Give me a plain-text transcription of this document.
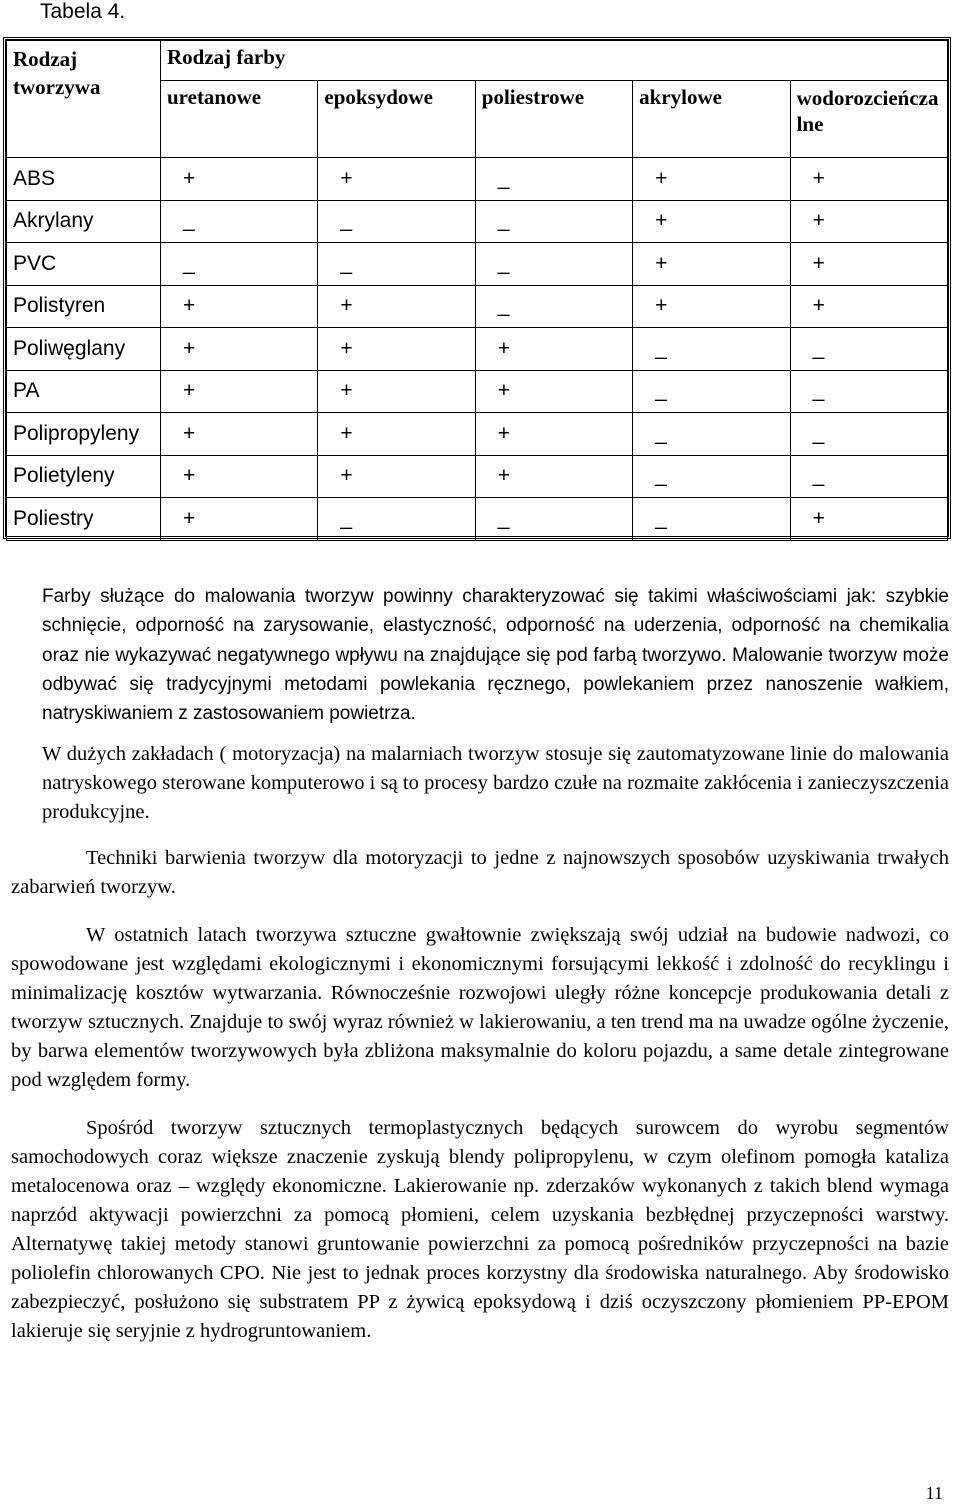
Tabela 4.
Rodzaj tworzywa	Rodzaj farby				
	uretanowe	epoksydowe	poliestrowe	akrylowe	wodorozcieńczalne
ABS	+	+	_	+	+
Akrylany	_	_	_	+	+
PVC	_	_	_	+	+
Polistyren	+	+	_	+	+
Poliwęglany	+	+	+	_	_
PA	+	+	+	_	_
Polipropyleny	+	+	+	_	_
Polietyleny	+	+	+	_	_
Poliestry	+	_	_	_	+

Farby służące do malowania tworzyw powinny charakteryzować się takimi właściwościami jak: szybkie schnięcie, odporność na zarysowanie, elastyczność, odporność na uderzenia, odporność na chemikalia oraz nie wykazywać negatywnego wpływu na znajdujące się pod farbą tworzywo. Malowanie tworzyw może odbywać się tradycyjnymi metodami powlekania ręcznego, powlekaniem przez nanoszenie wałkiem, natryskiwaniem z zastosowaniem powietrza.

W dużych zakładach ( motoryzacja) na malarniach tworzyw stosuje się zautomatyzowane linie do malowania natryskowego sterowane komputerowo i są to procesy bardzo czułe na rozmaite zakłócenia i zanieczyszczenia produkcyjne.

Techniki barwienia tworzyw dla motoryzacji to jedne z najnowszych sposobów uzyskiwania trwałych zabarwień tworzyw.

W ostatnich latach tworzywa sztuczne gwałtownie zwiększają swój udział na budowie nadwozi, co spowodowane jest względami ekologicznymi i ekonomicznymi forsującymi lekkość i zdolność do recyklingu i minimalizację kosztów wytwarzania. Równocześnie rozwojowi uległy różne koncepcje produkowania detali z tworzyw sztucznych. Znajduje to swój wyraz również w lakierowaniu, a ten trend ma na uwadze ogólne życzenie, by barwa elementów tworzywowych była zbliżona maksymalnie do koloru pojazdu, a same detale zintegrowane pod względem formy.

Spośród tworzyw sztucznych termoplastycznych będących surowcem do wyrobu segmentów samochodowych coraz większe znaczenie zyskują blendy polipropylenu, w czym olefinom pomogła kataliza metalocenowa oraz – względy ekonomiczne. Lakierowanie np. zderzaków wykonanych z takich blend wymaga naprzód aktywacji powierzchni za pomocą płomieni, celem uzyskania bezbłędnej przyczepności warstwy. Alternatywę takiej metody stanowi gruntowanie powierzchni za pomocą pośredników przyczepności na bazie poliolefin chlorowanych CPO. Nie jest to jednak proces korzystny dla środowiska naturalnego. Aby środowisko zabezpieczyć, posłużono się substratem PP z żywicą epoksydową i dziś oczyszczony płomieniem PP-EPOM lakieruje się seryjnie z hydrogruntowaniem.

11
